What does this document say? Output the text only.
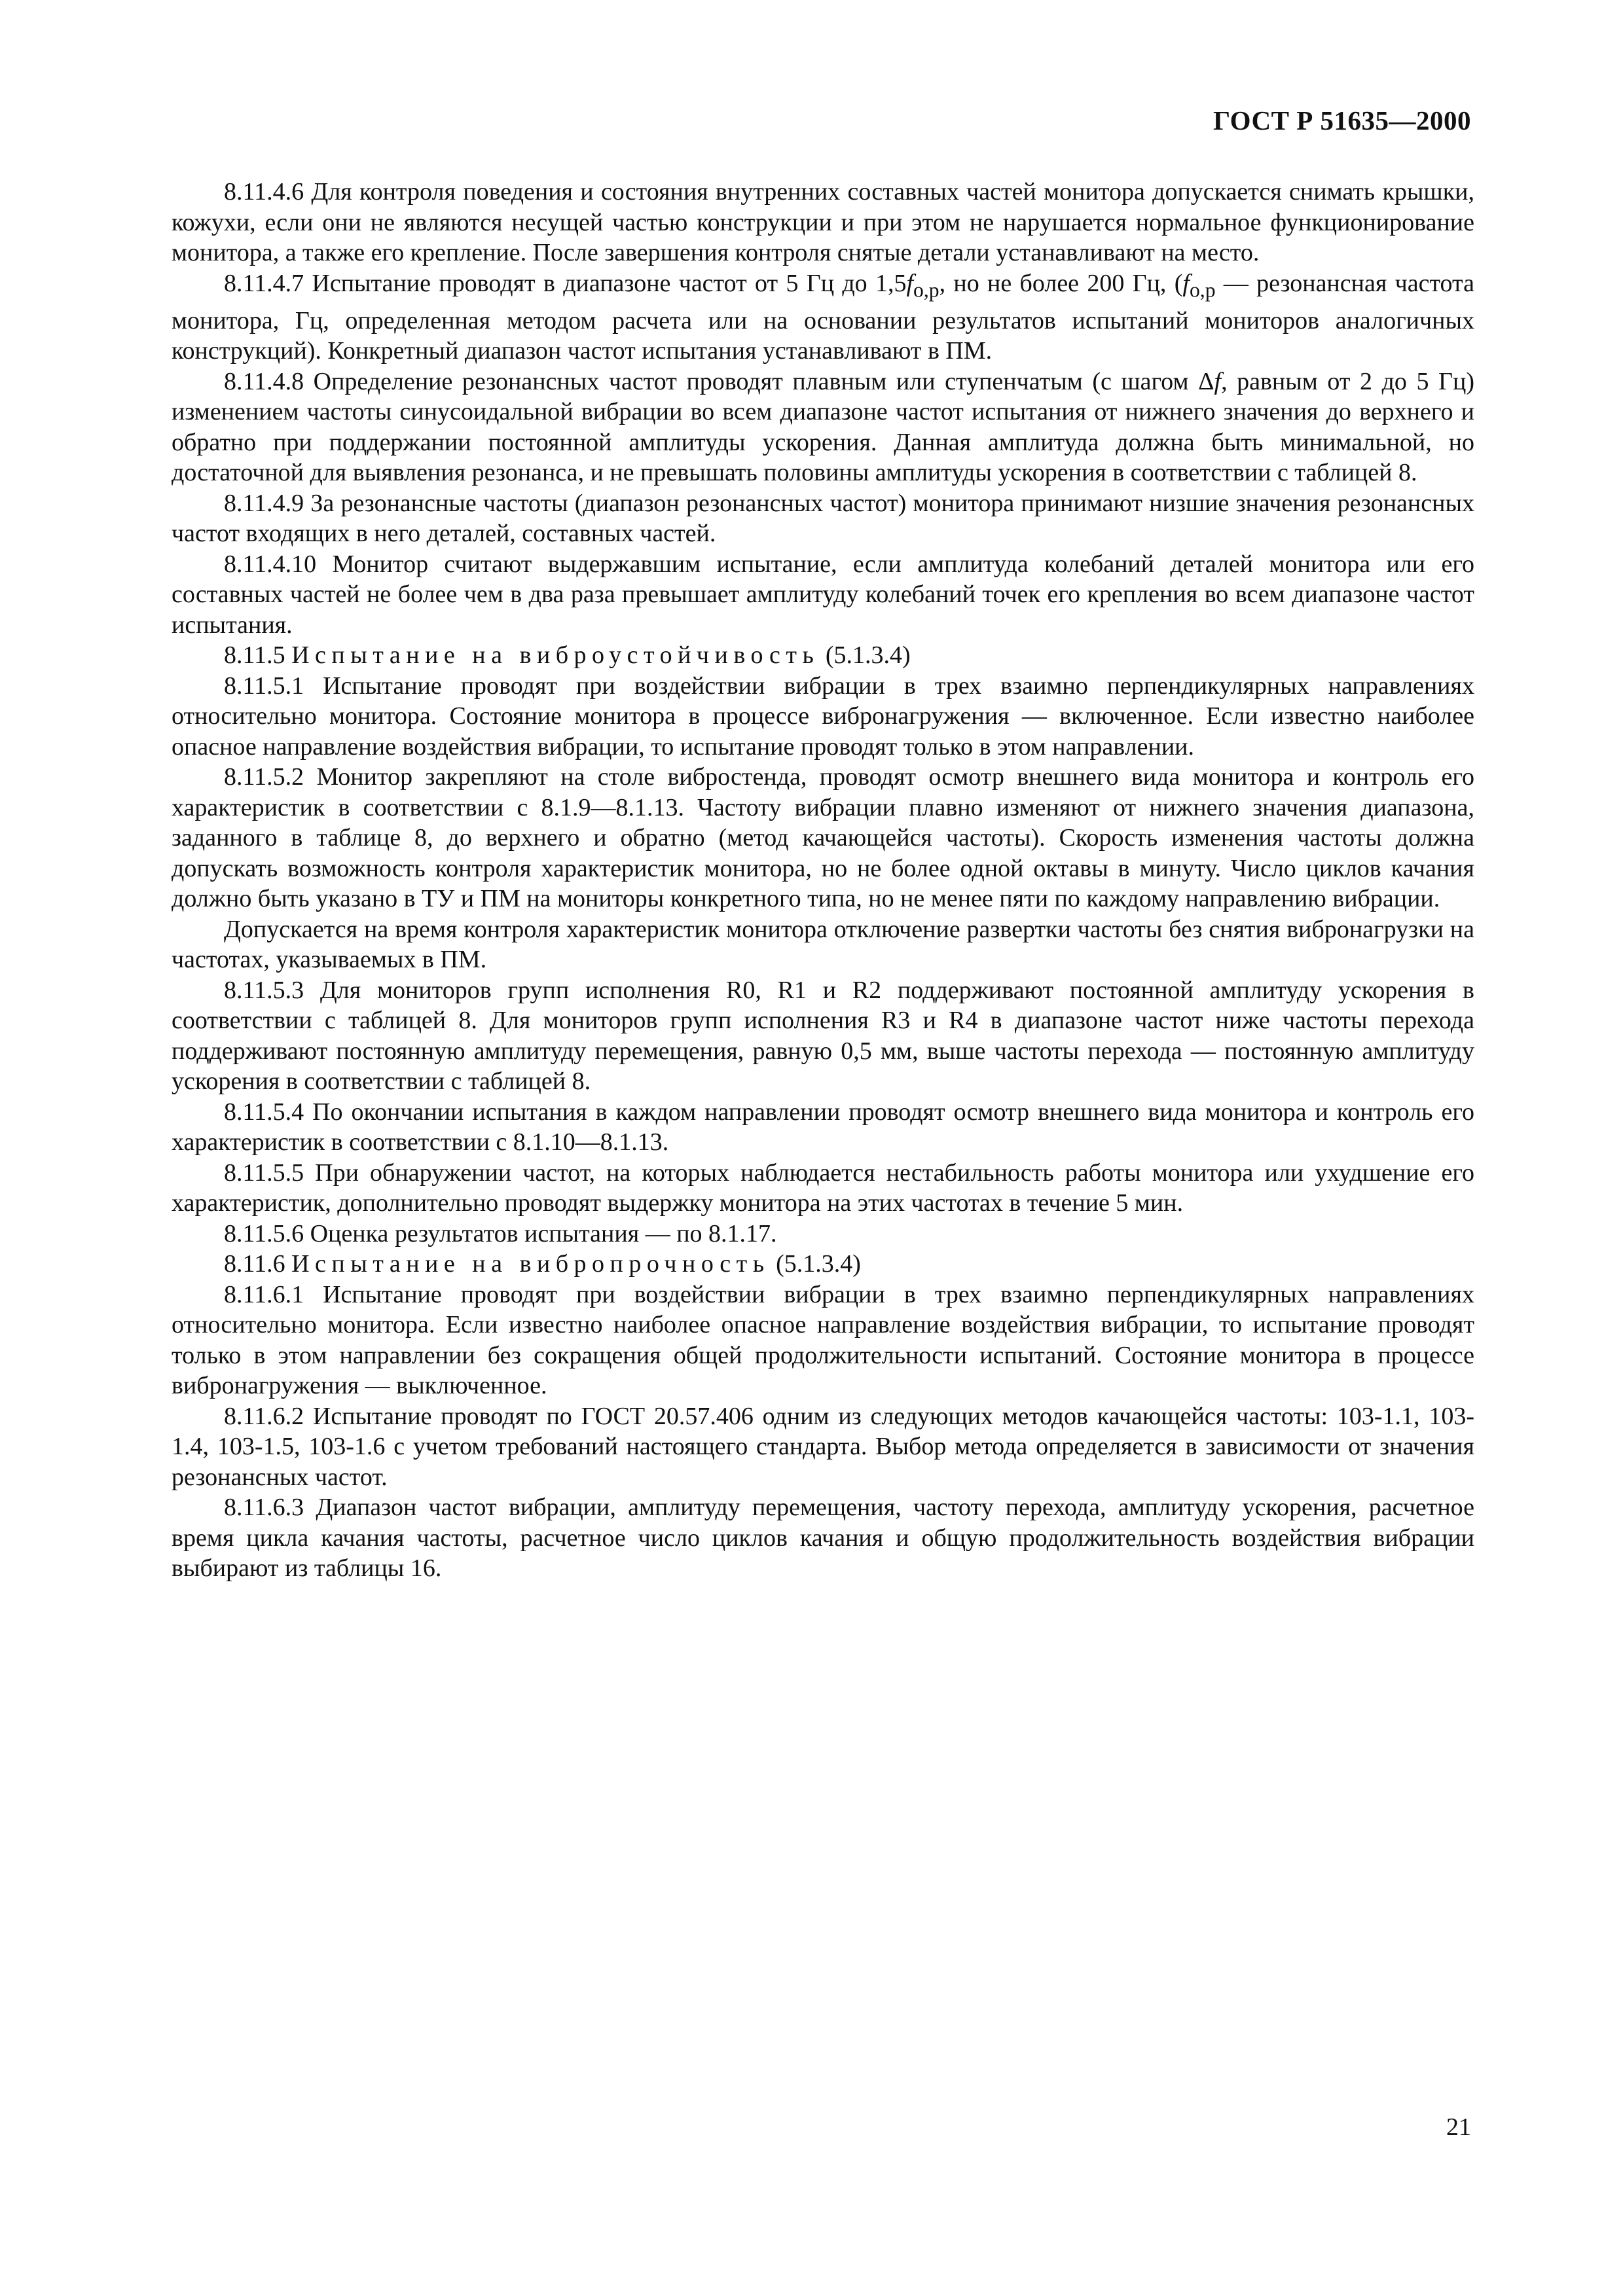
ГОСТ Р 51635—2000

8.11.4.6 Для контроля поведения и состояния внутренних составных частей монитора допускается снимать крышки, кожухи, если они не являются несущей частью конструкции и при этом не нарушается нормальное функционирование монитора, а также его крепление. После завершения контроля снятые детали устанавливают на место.

8.11.4.7 Испытание проводят в диапазоне частот от 5 Гц до $1,5f_{o,p}$, но не более 200 Гц, ($f_{o,p}$ — резонансная частота монитора, Гц, определенная методом расчета или на основании результатов испытаний мониторов аналогичных конструкций). Конкретный диапазон частот испытания устанавливают в ПМ.

8.11.4.8 Определение резонансных частот проводят плавным или ступенчатым (с шагом Δf, равным от 2 до 5 Гц) изменением частоты синусоидальной вибрации во всем диапазоне частот испытания от нижнего значения до верхнего и обратно при поддержании постоянной амплитуды ускорения. Данная амплитуда должна быть минимальной, но достаточной для выявления резонанса, и не превышать половины амплитуды ускорения в соответствии с таблицей 8.

8.11.4.9 За резонансные частоты (диапазон резонансных частот) монитора принимают низшие значения резонансных частот входящих в него деталей, составных частей.

8.11.4.10 Монитор считают выдержавшим испытание, если амплитуда колебаний деталей монитора или его составных частей не более чем в два раза превышает амплитуду колебаний точек его крепления во всем диапазоне частот испытания.

8.11.5 Испытание на виброустойчивость (5.1.3.4)

8.11.5.1 Испытание проводят при воздействии вибрации в трех взаимно перпендикулярных направлениях относительно монитора. Состояние монитора в процессе вибронагружения — включенное. Если известно наиболее опасное направление воздействия вибрации, то испытание проводят только в этом направлении.

8.11.5.2 Монитор закрепляют на столе вибростенда, проводят осмотр внешнего вида монитора и контроль его характеристик в соответствии с 8.1.9—8.1.13. Частоту вибрации плавно изменяют от нижнего значения диапазона, заданного в таблице 8, до верхнего и обратно (метод качающейся частоты). Скорость изменения частоты должна допускать возможность контроля характеристик монитора, но не более одной октавы в минуту. Число циклов качания должно быть указано в ТУ и ПМ на мониторы конкретного типа, но не менее пяти по каждому направлению вибрации.

Допускается на время контроля характеристик монитора отключение развертки частоты без снятия вибронагрузки на частотах, указываемых в ПМ.

8.11.5.3 Для мониторов групп исполнения R0, R1 и R2 поддерживают постоянной амплитуду ускорения в соответствии с таблицей 8. Для мониторов групп исполнения R3 и R4 в диапазоне частот ниже частоты перехода поддерживают постоянную амплитуду перемещения, равную 0,5 мм, выше частоты перехода — постоянную амплитуду ускорения в соответствии с таблицей 8.

8.11.5.4 По окончании испытания в каждом направлении проводят осмотр внешнего вида монитора и контроль его характеристик в соответствии с 8.1.10—8.1.13.

8.11.5.5 При обнаружении частот, на которых наблюдается нестабильность работы монитора или ухудшение его характеристик, дополнительно проводят выдержку монитора на этих частотах в течение 5 мин.

8.11.5.6 Оценка результатов испытания — по 8.1.17.

8.11.6 Испытание на вибропрочность (5.1.3.4)

8.11.6.1 Испытание проводят при воздействии вибрации в трех взаимно перпендикулярных направлениях относительно монитора. Если известно наиболее опасное направление воздействия вибрации, то испытание проводят только в этом направлении без сокращения общей продолжительности испытаний. Состояние монитора в процессе вибронагружения — выключенное.

8.11.6.2 Испытание проводят по ГОСТ 20.57.406 одним из следующих методов качающейся частоты: 103-1.1, 103-1.4, 103-1.5, 103-1.6 с учетом требований настоящего стандарта. Выбор метода определяется в зависимости от значения резонансных частот.

8.11.6.3 Диапазон частот вибрации, амплитуду перемещения, частоту перехода, амплитуду ускорения, расчетное время цикла качания частоты, расчетное число циклов качания и общую продолжительность воздействия вибрации выбирают из таблицы 16.

21
